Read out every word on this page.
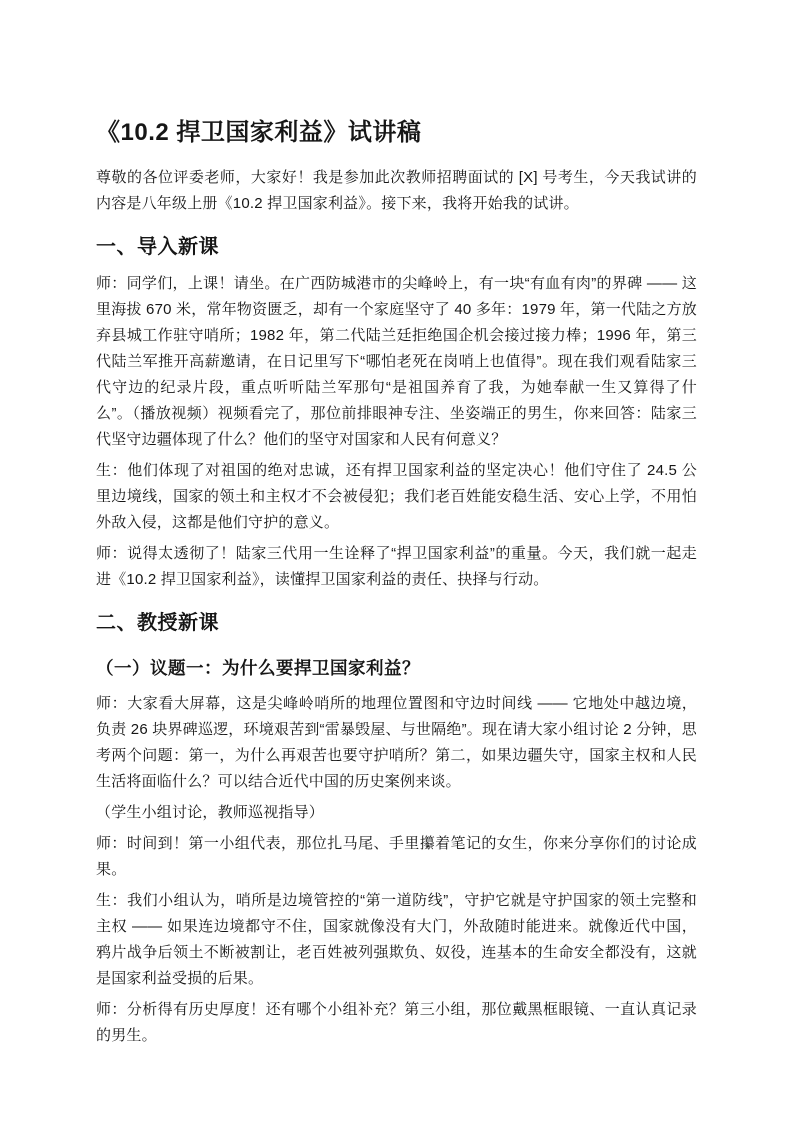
《10.2 捍卫国家利益》试讲稿

尊敬的各位评委老师，大家好！我是参加此次教师招聘面试的 [X] 号考生，今天我试讲的内容是八年级上册《10.2 捍卫国家利益》。接下来，我将开始我的试讲。

一、导入新课

师：同学们，上课！请坐。在广西防城港市的尖峰岭上，有一块“有血有肉”的界碑 —— 这里海拔 670 米，常年物资匮乏，却有一个家庭坚守了 40 多年：1979 年，第一代陆之方放弃县城工作驻守哨所；1982 年，第二代陆兰廷拒绝国企机会接过接力棒；1996 年，第三代陆兰军推开高薪邀请，在日记里写下“哪怕老死在岗哨上也值得”。现在我们观看陆家三代守边的纪录片段，重点听听陆兰军那句“是祖国养育了我，为她奉献一生又算得了什么”。（播放视频）视频看完了，那位前排眼神专注、坐姿端正的男生，你来回答：陆家三代坚守边疆体现了什么？他们的坚守对国家和人民有何意义？

生：他们体现了对祖国的绝对忠诚，还有捍卫国家利益的坚定决心！他们守住了 24.5 公里边境线，国家的领土和主权才不会被侵犯；我们老百姓能安稳生活、安心上学，不用怕外敌入侵，这都是他们守护的意义。

师：说得太透彻了！陆家三代用一生诠释了“捍卫国家利益”的重量。今天，我们就一起走进《10.2 捍卫国家利益》，读懂捍卫国家利益的责任、抉择与行动。

二、教授新课
（一）议题一：为什么要捍卫国家利益？

师：大家看大屏幕，这是尖峰岭哨所的地理位置图和守边时间线 —— 它地处中越边境，负责 26 块界碑巡逻，环境艰苦到“雷暴毁屋、与世隔绝”。现在请大家小组讨论 2 分钟，思考两个问题：第一，为什么再艰苦也要守护哨所？第二，如果边疆失守，国家主权和人民生活将面临什么？可以结合近代中国的历史案例来谈。

（学生小组讨论，教师巡视指导）

师：时间到！第一小组代表，那位扎马尾、手里攥着笔记的女生，你来分享你们的讨论成果。

生：我们小组认为，哨所是边境管控的“第一道防线”，守护它就是守护国家的领土完整和主权 —— 如果连边境都守不住，国家就像没有大门，外敌随时能进来。就像近代中国，鸦片战争后领土不断被割让，老百姓被列强欺负、奴役，连基本的生命安全都没有，这就是国家利益受损的后果。

师：分析得有历史厚度！还有哪个小组补充？第三小组，那位戴黑框眼镜、一直认真记录的男生。
